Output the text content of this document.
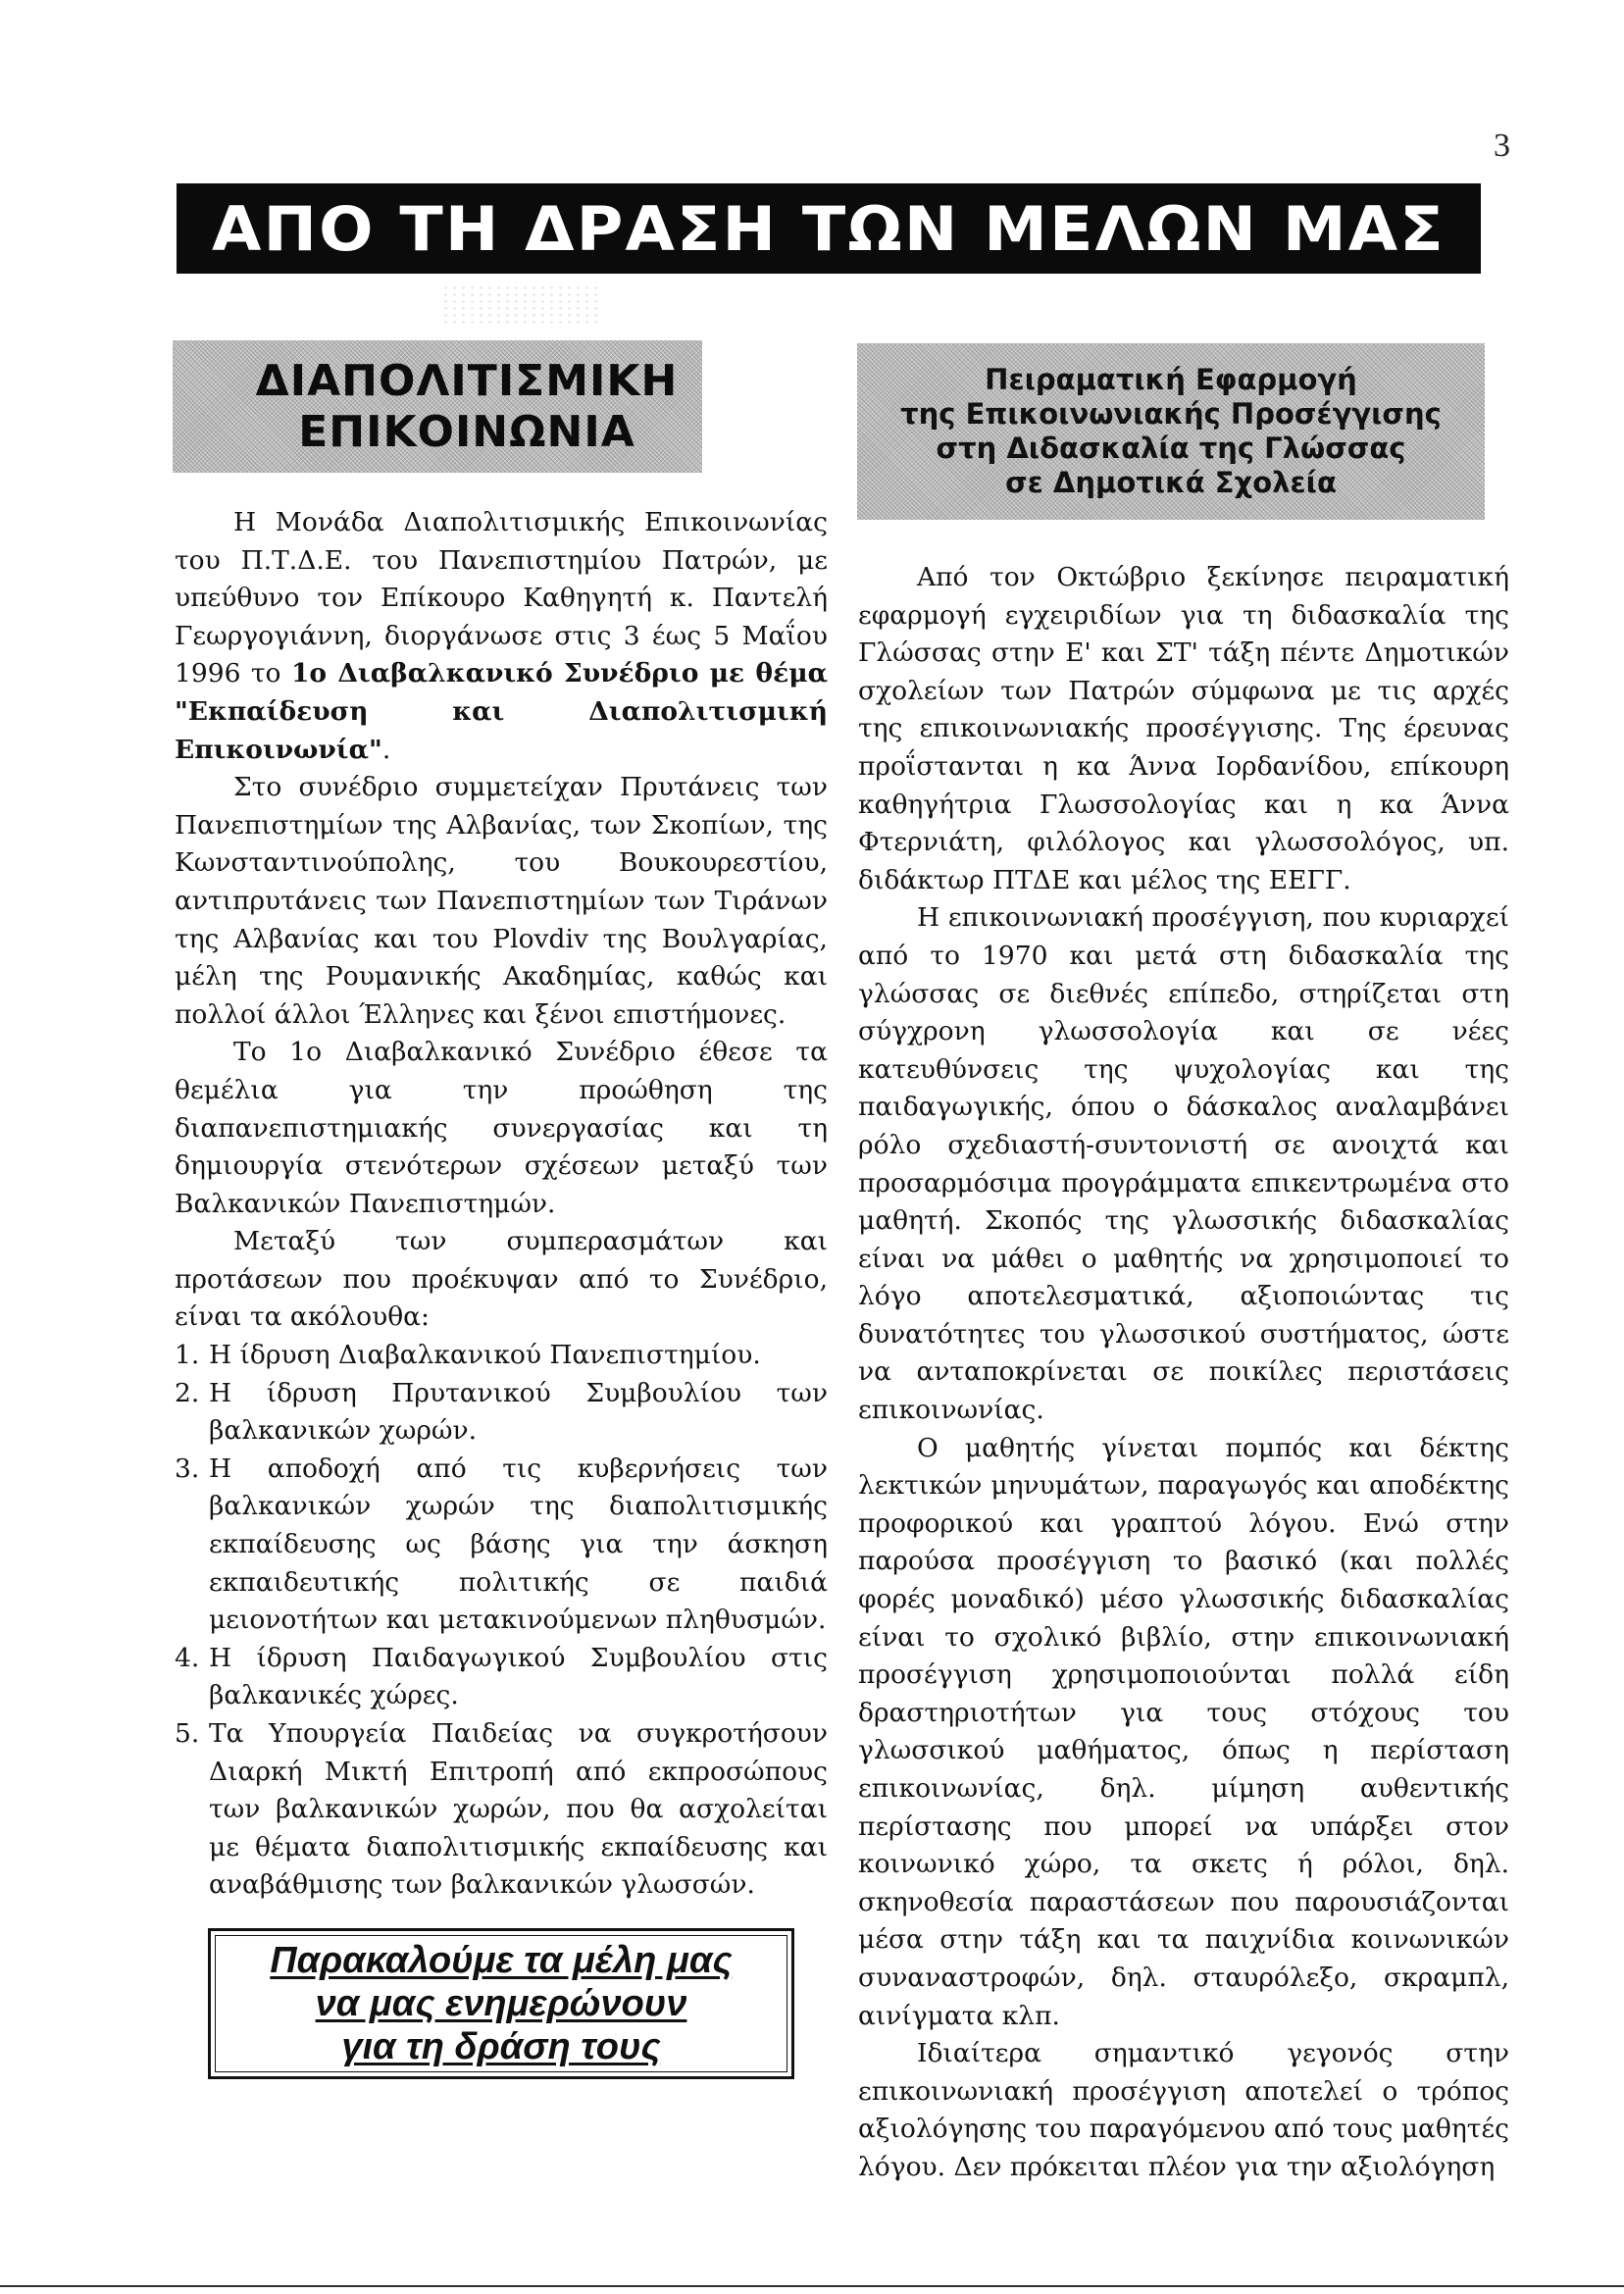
3
ΑΠΟ ΤΗ ΔΡΑΣΗ ΤΩΝ ΜΕΛΩΝ ΜΑΣ
ΔΙΑΠΟΛΙΤΙΣΜΙΚΗ
ΕΠΙΚΟΙΝΩΝΙΑ

Η Μονάδα Διαπολιτισμικής Επικοινωνίας του Π.Τ.Δ.Ε. του Πανεπιστημίου Πατρών, με υπεύθυνο τον Επίκουρο Καθηγητή κ. Παντελή Γεωργογιάννη, διοργάνωσε στις 3 έως 5 Μαΐου 1996 το 1ο Διαβαλκανικό Συνέδριο με θέμα "Εκπαίδευση και Διαπολιτισμική Επικοινωνία".

Στο συνέδριο συμμετείχαν Πρυτάνεις των Πανεπιστημίων της Αλβανίας, των Σκοπίων, της Κωνσταντινούπολης, του Βουκουρεστίου, αντιπρυτάνεις των Πανεπιστημίων των Τιράνων της Αλβανίας και του Plovdiv της Βουλγαρίας, μέλη της Ρουμανικής Ακαδημίας, καθώς και πολλοί άλλοι Έλληνες και ξένοι επιστήμονες.

Το 1ο Διαβαλκανικό Συνέδριο έθεσε τα θεμέλια για την προώθηση της διαπανεπιστημιακής συνεργασίας και τη δημιουργία στενότερων σχέσεων μεταξύ των Βαλκανικών Πανεπιστημών.

Μεταξύ των συμπερασμάτων και προτάσεων που προέκυψαν από το Συνέδριο, είναι τα ακόλουθα:

1. Η ίδρυση Διαβαλκανικού Πανεπιστημίου.
2. Η ίδρυση Πρυτανικού Συμβουλίου των βαλκανικών χωρών.
3. Η αποδοχή από τις κυβερνήσεις των βαλκανικών χωρών της διαπολιτισμικής εκπαίδευσης ως βάσης για την άσκηση εκπαιδευτικής πολιτικής σε παιδιά μειονοτήτων και μετακινούμενων πληθυσμών.
4. Η ίδρυση Παιδαγωγικού Συμβουλίου στις βαλκανικές χώρες.
5. Τα Υπουργεία Παιδείας να συγκροτήσουν Διαρκή Μικτή Επιτροπή από εκπροσώπους των βαλκανικών χωρών, που θα ασχολείται με θέματα διαπολιτισμικής εκπαίδευσης και αναβάθμισης των βαλκανικών γλωσσών.
Παρακαλούμε τα μέλη μας
να μας ενημερώνουν
για τη δράση τους
Πειραματική Εφαρμογή
της Επικοινωνιακής Προσέγγισης
στη Διδασκαλία της Γλώσσας
σε Δημοτικά Σχολεία

Από τον Οκτώβριο ξεκίνησε πειραματική εφαρμογή εγχειριδίων για τη διδασκαλία της Γλώσσας στην Ε' και ΣΤ' τάξη πέντε Δημοτικών σχολείων των Πατρών σύμφωνα με τις αρχές της επικοινωνιακής προσέγγισης. Της έρευνας προΐστανται η κα Άννα Ιορδανίδου, επίκουρη καθηγήτρια Γλωσσολογίας και η κα Άννα Φτερνιάτη, φιλόλογος και γλωσσολόγος, υπ. διδάκτωρ ΠΤΔΕ και μέλος της ΕΕΓΓ.

Η επικοινωνιακή προσέγγιση, που κυριαρχεί από το 1970 και μετά στη διδασκαλία της γλώσσας σε διεθνές επίπεδο, στηρίζεται στη σύγχρονη γλωσσολογία και σε νέες κατευθύνσεις της ψυχολογίας και της παιδαγωγικής, όπου ο δάσκαλος αναλαμβάνει ρόλο σχεδιαστή-συντονιστή σε ανοιχτά και προσαρμόσιμα προγράμματα επικεντρωμένα στο μαθητή. Σκοπός της γλωσσικής διδασκαλίας είναι να μάθει ο μαθητής να χρησιμοποιεί το λόγο αποτελεσματικά, αξιοποιώντας τις δυνατότητες του γλωσσικού συστήματος, ώστε να ανταποκρίνεται σε ποικίλες περιστάσεις επικοινωνίας.

Ο μαθητής γίνεται πομπός και δέκτης λεκτικών μηνυμάτων, παραγωγός και αποδέκτης προφορικού και γραπτού λόγου. Ενώ στην παρούσα προσέγγιση το βασικό (και πολλές φορές μοναδικό) μέσο γλωσσικής διδασκαλίας είναι το σχολικό βιβλίο, στην επικοινωνιακή προσέγγιση χρησιμοποιούνται πολλά είδη δραστηριοτήτων για τους στόχους του γλωσσικού μαθήματος, όπως η περίσταση επικοινωνίας, δηλ. μίμηση αυθεντικής περίστασης που μπορεί να υπάρξει στον κοινωνικό χώρο, τα σκετς ή ρόλοι, δηλ. σκηνοθεσία παραστάσεων που παρουσιάζονται μέσα στην τάξη και τα παιχνίδια κοινωνικών συναναστροφών, δηλ. σταυρόλεξο, σκραμπλ, αινίγματα κλπ.

Ιδιαίτερα σημαντικό γεγονός στην επικοινωνιακή προσέγγιση αποτελεί ο τρόπος αξιολόγησης του παραγόμενου από τους μαθητές λόγου. Δεν πρόκειται πλέον για την αξιολόγηση
